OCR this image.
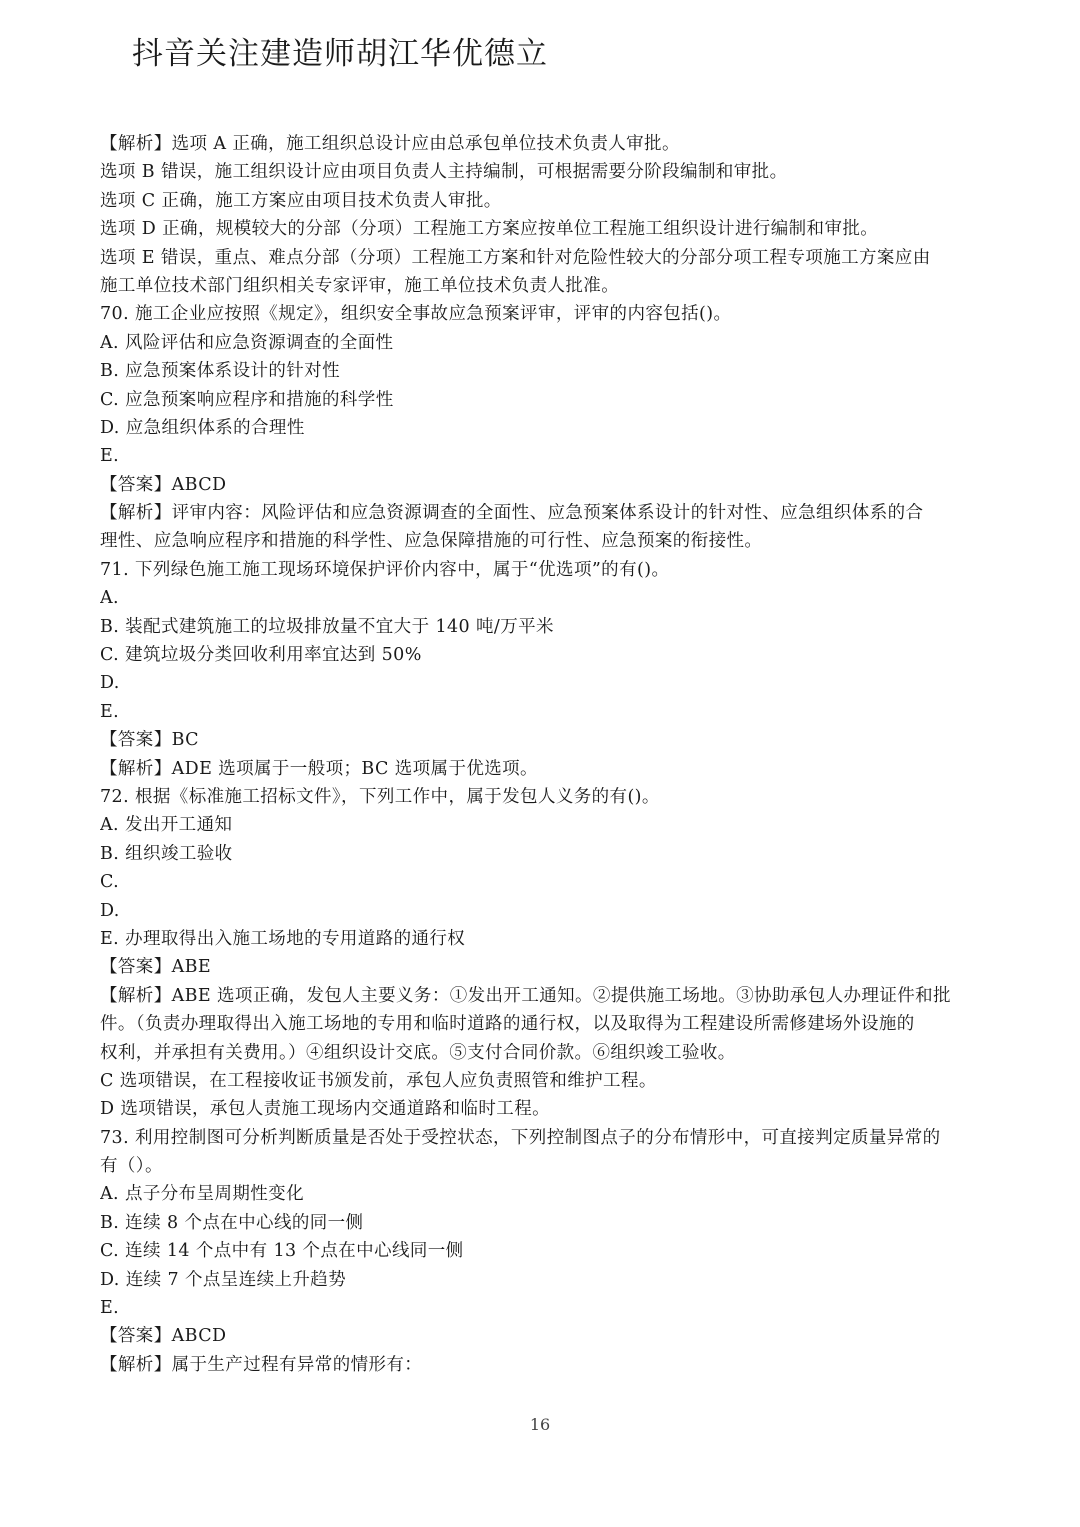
抖音关注建造师胡江华优德立
【解析】选项 A 正确，施工组织总设计应由总承包单位技术负责人审批。
选项 B 错误，施工组织设计应由项目负责人主持编制，可根据需要分阶段编制和审批。
选项 C 正确，施工方案应由项目技术负责人审批。
选项 D 正确，规模较大的分部（分项）工程施工方案应按单位工程施工组织设计进行编制和审批。
选项 E 错误，重点、难点分部（分项）工程施工方案和针对危险性较大的分部分项工程专项施工方案应由
施工单位技术部门组织相关专家评审，施工单位技术负责人批准。
70. 施工企业应按照《规定》，组织安全事故应急预案评审，评审的内容包括()。
A. 风险评估和应急资源调查的全面性
B. 应急预案体系设计的针对性
C. 应急预案响应程序和措施的科学性
D. 应急组织体系的合理性
E.
【答案】ABCD
【解析】评审内容：风险评估和应急资源调查的全面性、应急预案体系设计的针对性、应急组织体系的合
理性、应急响应程序和措施的科学性、应急保障措施的可行性、应急预案的衔接性。
71. 下列绿色施工施工现场环境保护评价内容中，属于“优选项”的有()。
A.
B. 装配式建筑施工的垃圾排放量不宜大于 140 吨/万平米
C. 建筑垃圾分类回收利用率宜达到 50%
D.
E.
【答案】BC
【解析】ADE 选项属于一般项；BC 选项属于优选项。
72. 根据《标准施工招标文件》，下列工作中，属于发包人义务的有()。
A. 发出开工通知
B. 组织竣工验收
C.
D.
E. 办理取得出入施工场地的专用道路的通行权
【答案】ABE
【解析】ABE 选项正确，发包人主要义务：①发出开工通知。②提供施工场地。③协助承包人办理证件和批
件。（负责办理取得出入施工场地的专用和临时道路的通行权，以及取得为工程建设所需修建场外设施的
权利，并承担有关费用。）④组织设计交底。⑤支付合同价款。⑥组织竣工验收。
C 选项错误，在工程接收证书颁发前，承包人应负责照管和维护工程。
D 选项错误，承包人责施工现场内交通道路和临时工程。
73. 利用控制图可分析判断质量是否处于受控状态，下列控制图点子的分布情形中，可直接判定质量异常的
有（）。
A. 点子分布呈周期性变化
B. 连续 8 个点在中心线的同一侧
C. 连续 14 个点中有 13 个点在中心线同一侧
D. 连续 7 个点呈连续上升趋势
E.
【答案】ABCD
【解析】属于生产过程有异常的情形有：
16
